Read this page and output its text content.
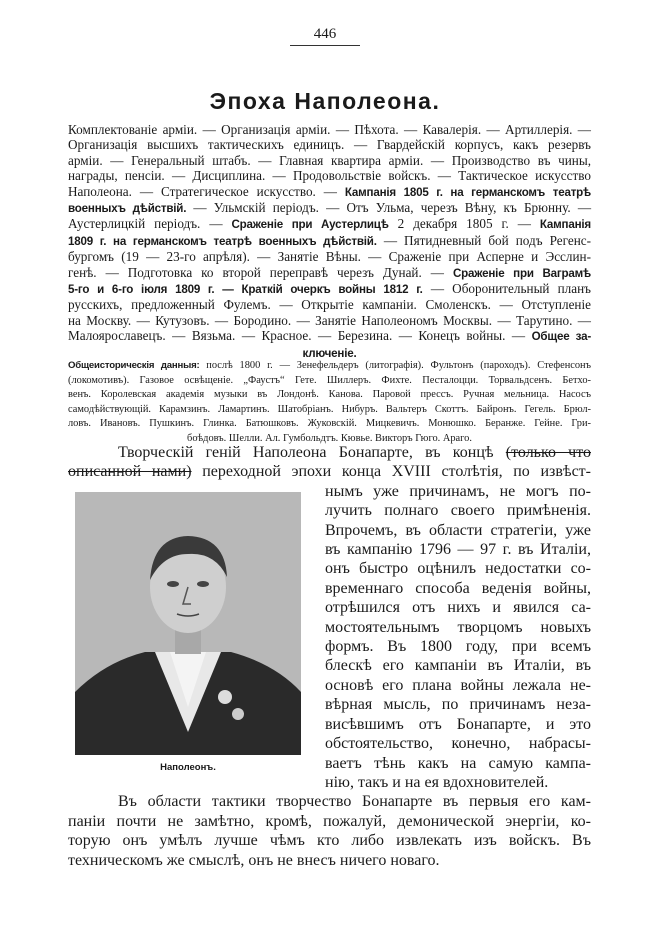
446
Эпоха Наполеона.
Комплектованіе арміи. — Организація арміи. — Пѣхота. — Кавалерія. — Артиллерія. —
Организація высшихъ тактическихъ единицъ. — Гвардейскій корпусъ, какъ резервъ
арміи. — Генеральный штабъ. — Главная квартира арміи. — Производство въ чины,
награды, пенсіи. — Дисциплина. — Продовольствіе войскъ. — Тактическое искусство
Наполеона. — Стратегическое искусство. — Кампанія 1805 г. на германскомъ театрѣ
военныхъ дѣйствій. — Ульмскій періодъ. — Отъ Ульма, черезъ Вѣну, къ Брюнну. —
Аустерлицкій періодъ. — Сраженіе при Аустерлицѣ 2 декабря 1805 г. — Кампанія
1809 г. на германскомъ театрѣ военныхъ дѣйствій. — Пятидневный бой подъ Регенс-
бургомъ (19 — 23-го апрѣля). — Занятіе Вѣны. — Сраженіе при Асперне и Эсслин-
генѣ. — Подготовка ко второй переправѣ черезъ Дунай. — Сраженіе при Ваграмѣ
5-го и 6-го іюля 1809 г. — Краткій очеркъ войны 1812 г. — Оборонительный планъ
русскихъ, предложенный Фулемъ. — Открытіе кампаніи. Смоленскъ. — Отступленіе
на Москву. — Кутузовъ. — Бородино. — Занятіе Наполеономъ Москвы. — Тарутино. —
Малоярославецъ. — Вязьма. — Красное. — Березина. — Конецъ войны. — Общее за-
ключеніе.
Общеисторическія данныя: послѣ 1800 г. — Зенефельдеръ (литографія). Фультонъ (пароходъ). Стефенсонъ
(локомотивъ). Газовое освѣщеніе. „Фаустъ“ Гете. Шиллеръ. Фихте. Песталоцци. Торвальдсенъ. Бетхо-
венъ. Королевская академія музыки въ Лондонѣ. Канова. Паровой прессъ. Ручная мельница. Насосъ
самодѣйствующій. Карамзинъ. Ламартинъ. Шатобріанъ. Нибуръ. Вальтеръ Скоттъ. Байронъ. Гегель. Брюл-
ловъ. Ивановъ. Пушкинъ. Глинка. Батюшковъ. Жуковскій. Мицкевичъ. Монюшко. Беранже. Гейне. Гри-
боѣдовъ. Шелли. Ал. Гумбольдтъ. Кювье. Викторъ Гюго. Араго.
Творческій геній Наполеона Бонапарте, въ концѣ (только что
описанной нами) переходной эпохи конца XVIII столѣтія, по извѣст-
нымъ уже причинамъ, не могъ по-
лучить полнаго своего примѣненія.
Впрочемъ, въ области стратегіи, уже
въ кампанію 1796 — 97 г. въ Италіи,
онъ быстро оцѣнилъ недостатки со-
временнаго способа веденія войны,
отрѣшился отъ нихъ и явился са-
мостоятельнымъ творцомъ новыхъ
формъ. Въ 1800 году, при всемъ
блескѣ его кампаніи въ Италіи, въ
основѣ его плана войны лежала не-
вѣрная мысль, по причинамъ неза-
висѣвшимъ отъ Бонапарте, и это
обстоятельство, конечно, набрасы-
ваетъ тѣнь какъ на самую кампа-
нію, такъ и на ея вдохновителей.
Въ области тактики творчество Бонапарте въ первыя его кам-
паніи почти не замѣтно, кромѣ, пожалуй, демонической энергіи, ко-
торую онъ умѣлъ лучше чѣмъ кто либо извлекать изъ войскъ. Въ
техническомъ же смыслѣ, онъ не внесъ ничего новаго.
Наполеонъ.
